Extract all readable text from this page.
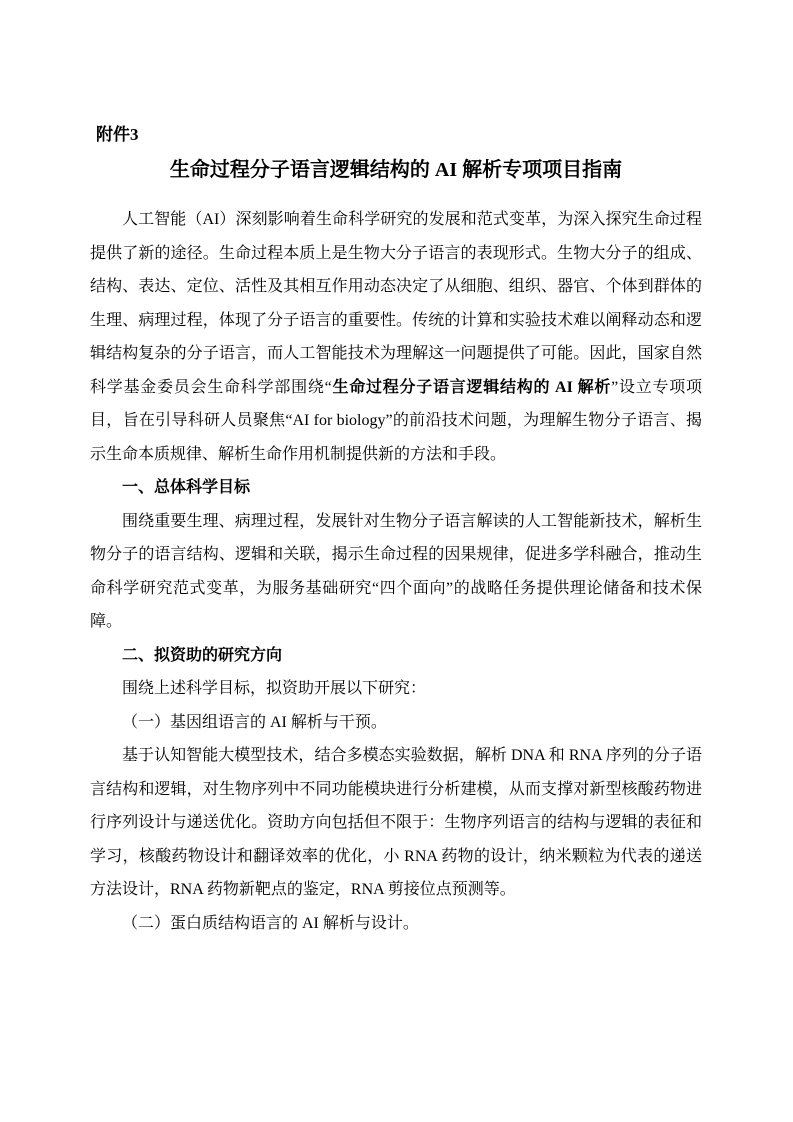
附件3
生命过程分子语言逻辑结构的 AI 解析专项项目指南

人工智能（AI）深刻影响着生命科学研究的发展和范式变革，为深入探究生命过程提供了新的途径。生命过程本质上是生物大分子语言的表现形式。生物大分子的组成、结构、表达、定位、活性及其相互作用动态决定了从细胞、组织、器官、个体到群体的生理、病理过程，体现了分子语言的重要性。传统的计算和实验技术难以阐释动态和逻辑结构复杂的分子语言，而人工智能技术为理解这一问题提供了可能。因此，国家自然科学基金委员会生命科学部围绕“生命过程分子语言逻辑结构的 AI 解析”设立专项项目，旨在引导科研人员聚焦“AI for biology”的前沿技术问题，为理解生物分子语言、揭示生命本质规律、解析生命作用机制提供新的方法和手段。

一、总体科学目标

围绕重要生理、病理过程，发展针对生物分子语言解读的人工智能新技术，解析生物分子的语言结构、逻辑和关联，揭示生命过程的因果规律，促进多学科融合，推动生命科学研究范式变革，为服务基础研究“四个面向”的战略任务提供理论储备和技术保障。

二、拟资助的研究方向

围绕上述科学目标，拟资助开展以下研究：

（一）基因组语言的 AI 解析与干预。

基于认知智能大模型技术，结合多模态实验数据，解析 DNA 和 RNA 序列的分子语言结构和逻辑，对生物序列中不同功能模块进行分析建模，从而支撑对新型核酸药物进行序列设计与递送优化。资助方向包括但不限于：生物序列语言的结构与逻辑的表征和学习，核酸药物设计和翻译效率的优化，小 RNA 药物的设计，纳米颗粒为代表的递送方法设计，RNA 药物新靶点的鉴定，RNA 剪接位点预测等。

（二）蛋白质结构语言的 AI 解析与设计。
